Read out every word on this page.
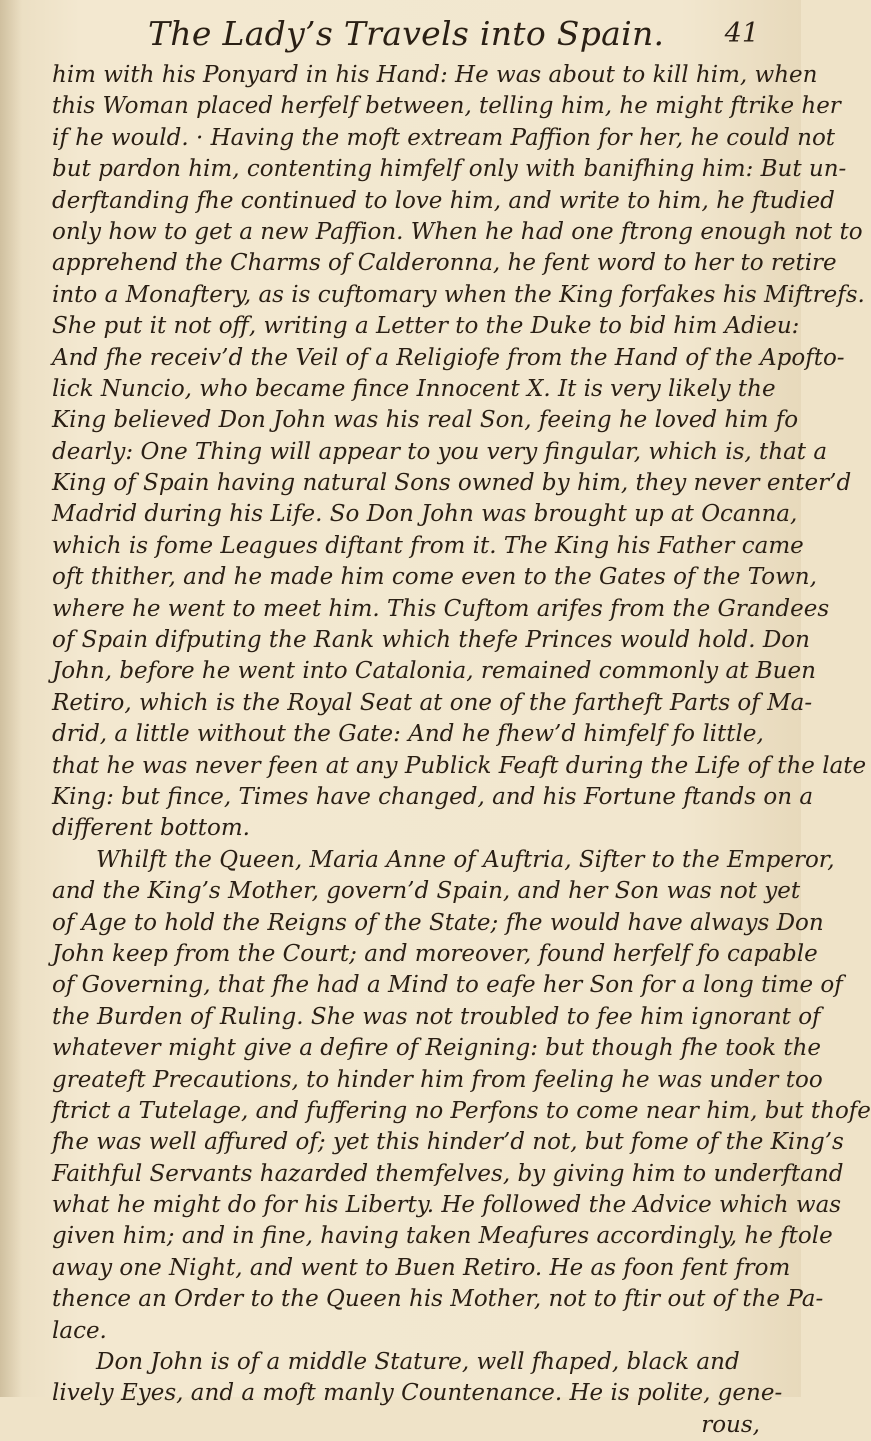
The Lady’s Travels into Spain. 41
him with his Ponyard in his Hand: He was about to kill him, when
this Woman placed herfelf between, telling him, he might ftrike her
if he would. · Having the moft extream Paffion for her, he could not
but pardon him, contenting himfelf only with banifhing him: But un-
derftanding fhe continued to love him, and write to him, he ftudied
only how to get a new Paffion. When he had one ftrong enough not to
apprehend the Charms of Calderonna, he fent word to her to retire
into a Monaftery, as is cuftomary when the King forfakes his Miftrefs.
She put it not off, writing a Letter to the Duke to bid him Adieu:
And fhe receiv’d the Veil of a Religiofe from the Hand of the Apofto-
lick Nuncio, who became fince Innocent X. It is very likely the
King believed Don John was his real Son, feeing he loved him fo
dearly: One Thing will appear to you very fingular, which is, that a
King of Spain having natural Sons owned by him, they never enter’d
Madrid during his Life. So Don John was brought up at Ocanna,
which is fome Leagues diftant from it. The King his Father came
oft thither, and he made him come even to the Gates of the Town,
where he went to meet him. This Cuftom arifes from the Grandees
of Spain difputing the Rank which thefe Princes would hold. Don
John, before he went into Catalonia, remained commonly at Buen
Retiro, which is the Royal Seat at one of the fartheft Parts of Ma-
drid, a little without the Gate: And he fhew’d himfelf fo little,
that he was never feen at any Publick Feaft during the Life of the late
King: but fince, Times have changed, and his Fortune ftands on a
different bottom.
Whilft the Queen, Maria Anne of Auftria, Sifter to the Emperor,
and the King’s Mother, govern’d Spain, and her Son was not yet
of Age to hold the Reigns of the State; fhe would have always Don
John keep from the Court; and moreover, found herfelf fo capable
of Governing, that fhe had a Mind to eafe her Son for a long time of
the Burden of Ruling. She was not troubled to fee him ignorant of
whatever might give a defire of Reigning: but though fhe took the
greateft Precautions, to hinder him from feeling he was under too
ftrict a Tutelage, and fuffering no Perfons to come near him, but thofe
fhe was well affured of; yet this hinder’d not, but fome of the King’s
Faithful Servants hazarded themfelves, by giving him to underftand
what he might do for his Liberty. He followed the Advice which was
given him; and in fine, having taken Meafures accordingly, he ftole
away one Night, and went to Buen Retiro. He as foon fent from
thence an Order to the Queen his Mother, not to ftir out of the Pa-
lace.
Don John is of a middle Stature, well fhaped, black and
lively Eyes, and a moft manly Countenance. He is polite, gene-
rous,
